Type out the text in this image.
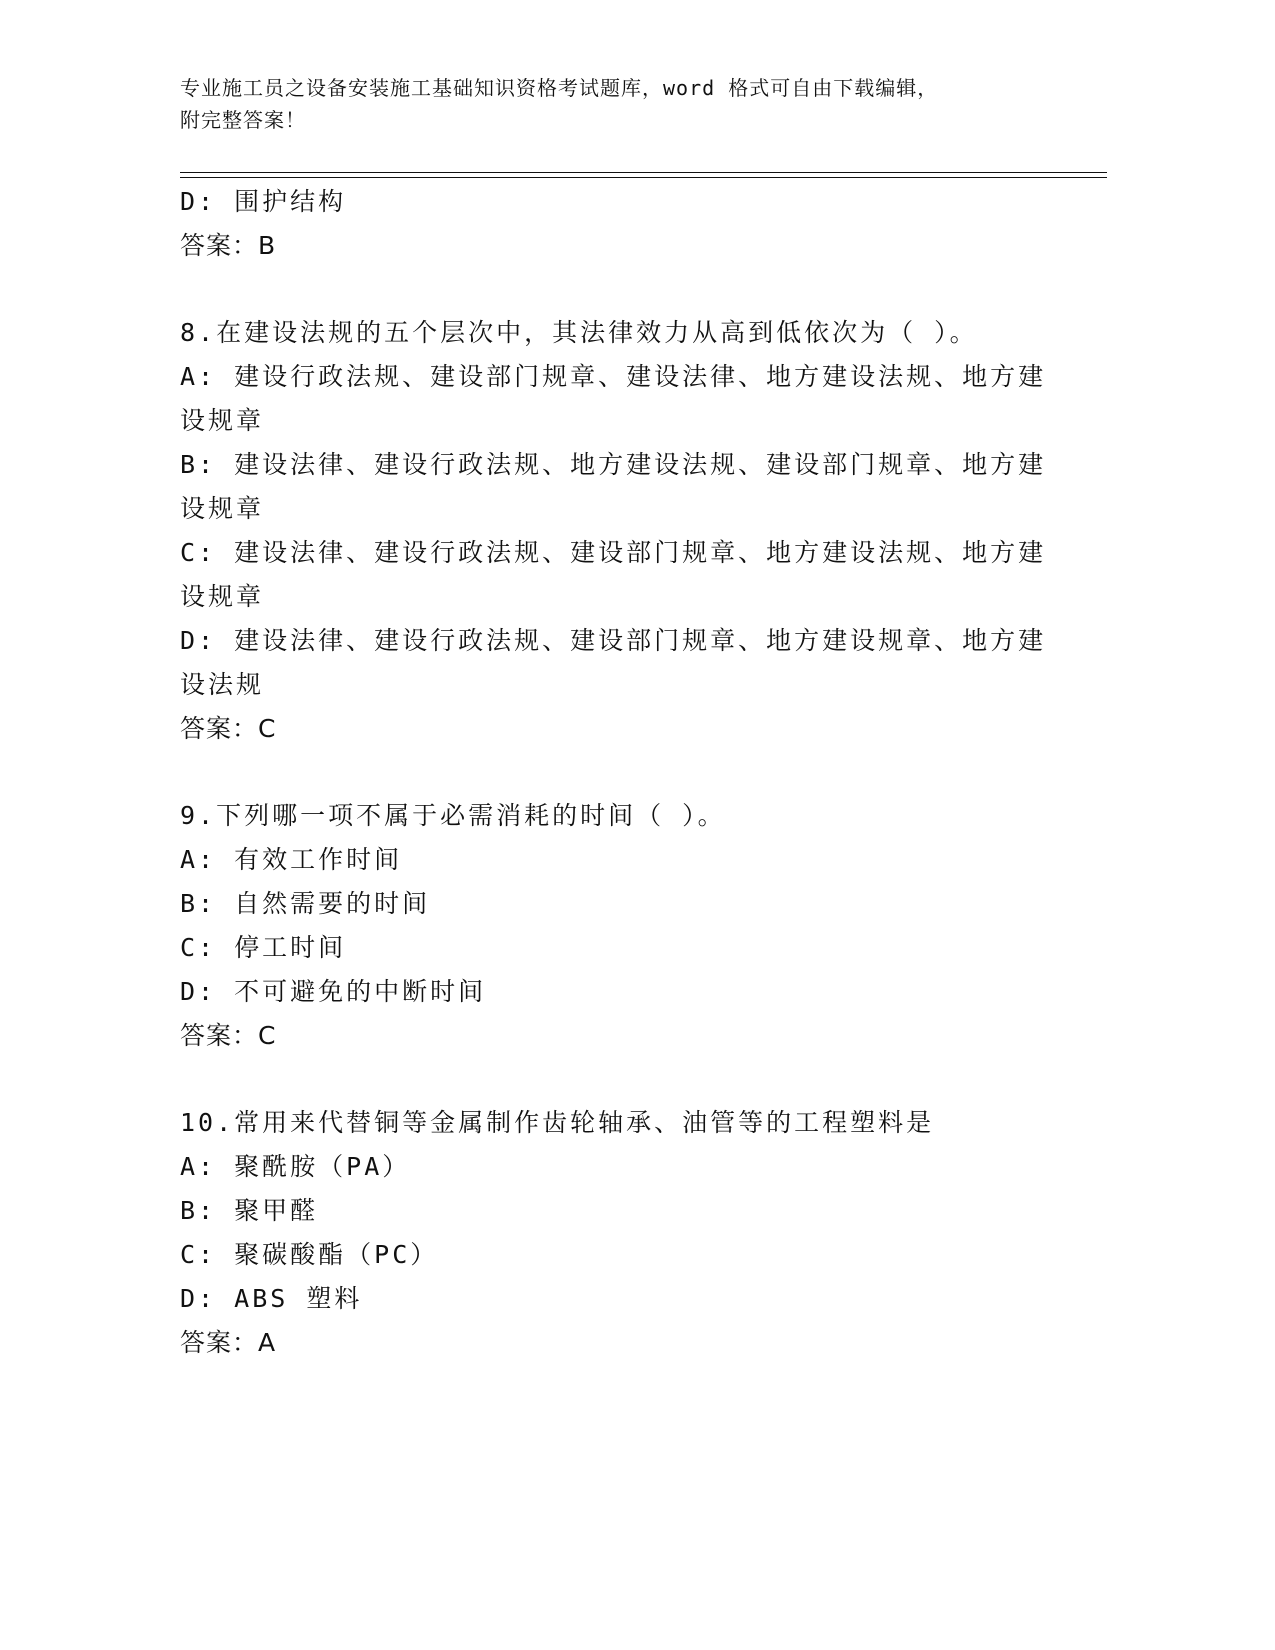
专业施工员之设备安装施工基础知识资格考试题库，word 格式可自由下载编辑，
附完整答案！
D: 围护结构
答案：B
8.在建设法规的五个层次中，其法律效力从高到低依次为（ ）。
A: 建设行政法规、建设部门规章、建设法律、地方建设法规、地方建
设规章
B: 建设法律、建设行政法规、地方建设法规、建设部门规章、地方建
设规章
C: 建设法律、建设行政法规、建设部门规章、地方建设法规、地方建
设规章
D: 建设法律、建设行政法规、建设部门规章、地方建设规章、地方建
设法规
答案：C
9.下列哪一项不属于必需消耗的时间（ ）。
A: 有效工作时间
B: 自然需要的时间
C: 停工时间
D: 不可避免的中断时间
答案：C
10.常用来代替铜等金属制作齿轮轴承、油管等的工程塑料是
A: 聚酰胺（PA）
B: 聚甲醛
C: 聚碳酸酯（PC）
D: ABS 塑料
答案：A
